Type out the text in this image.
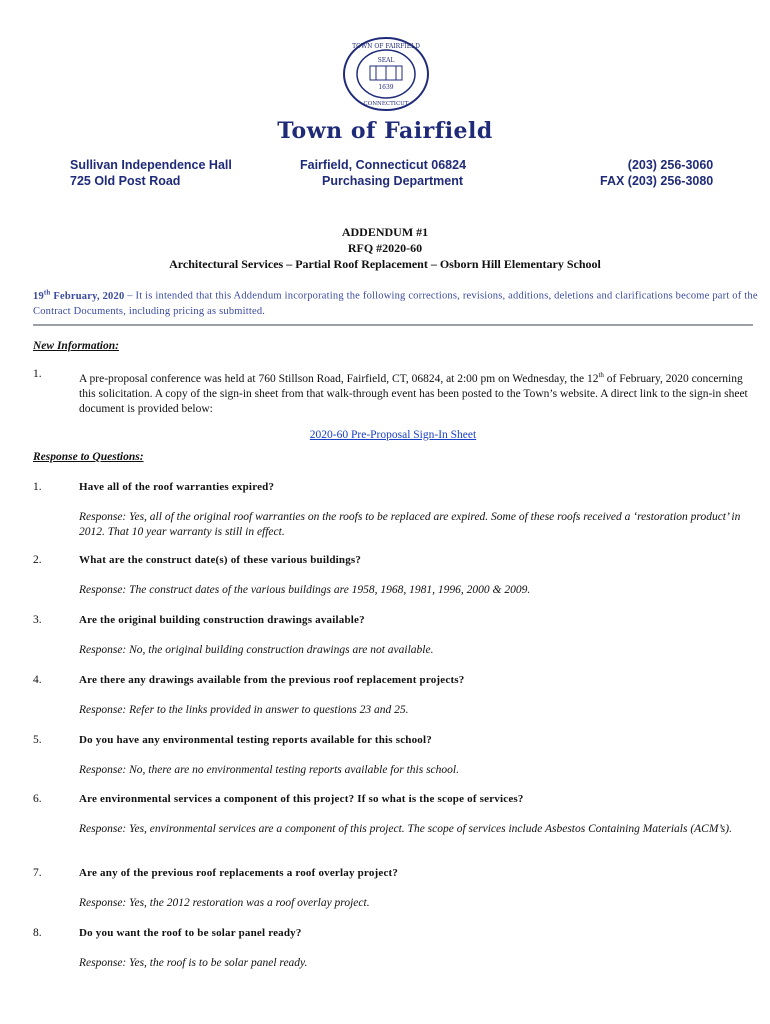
TOWN OF FAIRFIELD
SEAL
1639
CONNECTICUT
Town of Fairfield
Sullivan Independence Hall
725 Old Post Road
Fairfield, Connecticut 06824
Purchasing Department
(203) 256-3060
FAX (203) 256-3080
ADDENDUM #1
RFQ #2020-60
Architectural Services – Partial Roof Replacement – Osborn Hill Elementary School
19th February, 2020 – It is intended that this Addendum incorporating the following corrections, revisions, additions, deletions and clarifications become part of the Contract Documents, including pricing as submitted.
New Information:
1.	A pre-proposal conference was held at 760 Stillson Road, Fairfield, CT, 06824, at 2:00 pm on Wednesday, the 12th of February, 2020 concerning this solicitation. A copy of the sign-in sheet from that walk-through event has been posted to the Town’s website. A direct link to the sign-in sheet document is provided below:
2020-60 Pre-Proposal Sign-In Sheet
Response to Questions:
1.	Have all of the roof warranties expired?
Response: Yes, all of the original roof warranties on the roofs to be replaced are expired. Some of these roofs received a ‘restoration product’ in 2012. That 10 year warranty is still in effect.
2.	What are the construct date(s) of these various buildings?
Response: The construct dates of the various buildings are 1958, 1968, 1981, 1996, 2000 & 2009.
3.	Are the original building construction drawings available?
Response: No, the original building construction drawings are not available.
4.	Are there any drawings available from the previous roof replacement projects?
Response: Refer to the links provided in answer to questions 23 and 25.
5.	Do you have any environmental testing reports available for this school?
Response: No, there are no environmental testing reports available for this school.
6.	Are environmental services a component of this project? If so what is the scope of services?
Response: Yes, environmental services are a component of this project. The scope of services include Asbestos Containing Materials (ACM’s).
7.	Are any of the previous roof replacements a roof overlay project?
Response: Yes, the 2012 restoration was a roof overlay project.
8.	Do you want the roof to be solar panel ready?
Response: Yes, the roof is to be solar panel ready.
